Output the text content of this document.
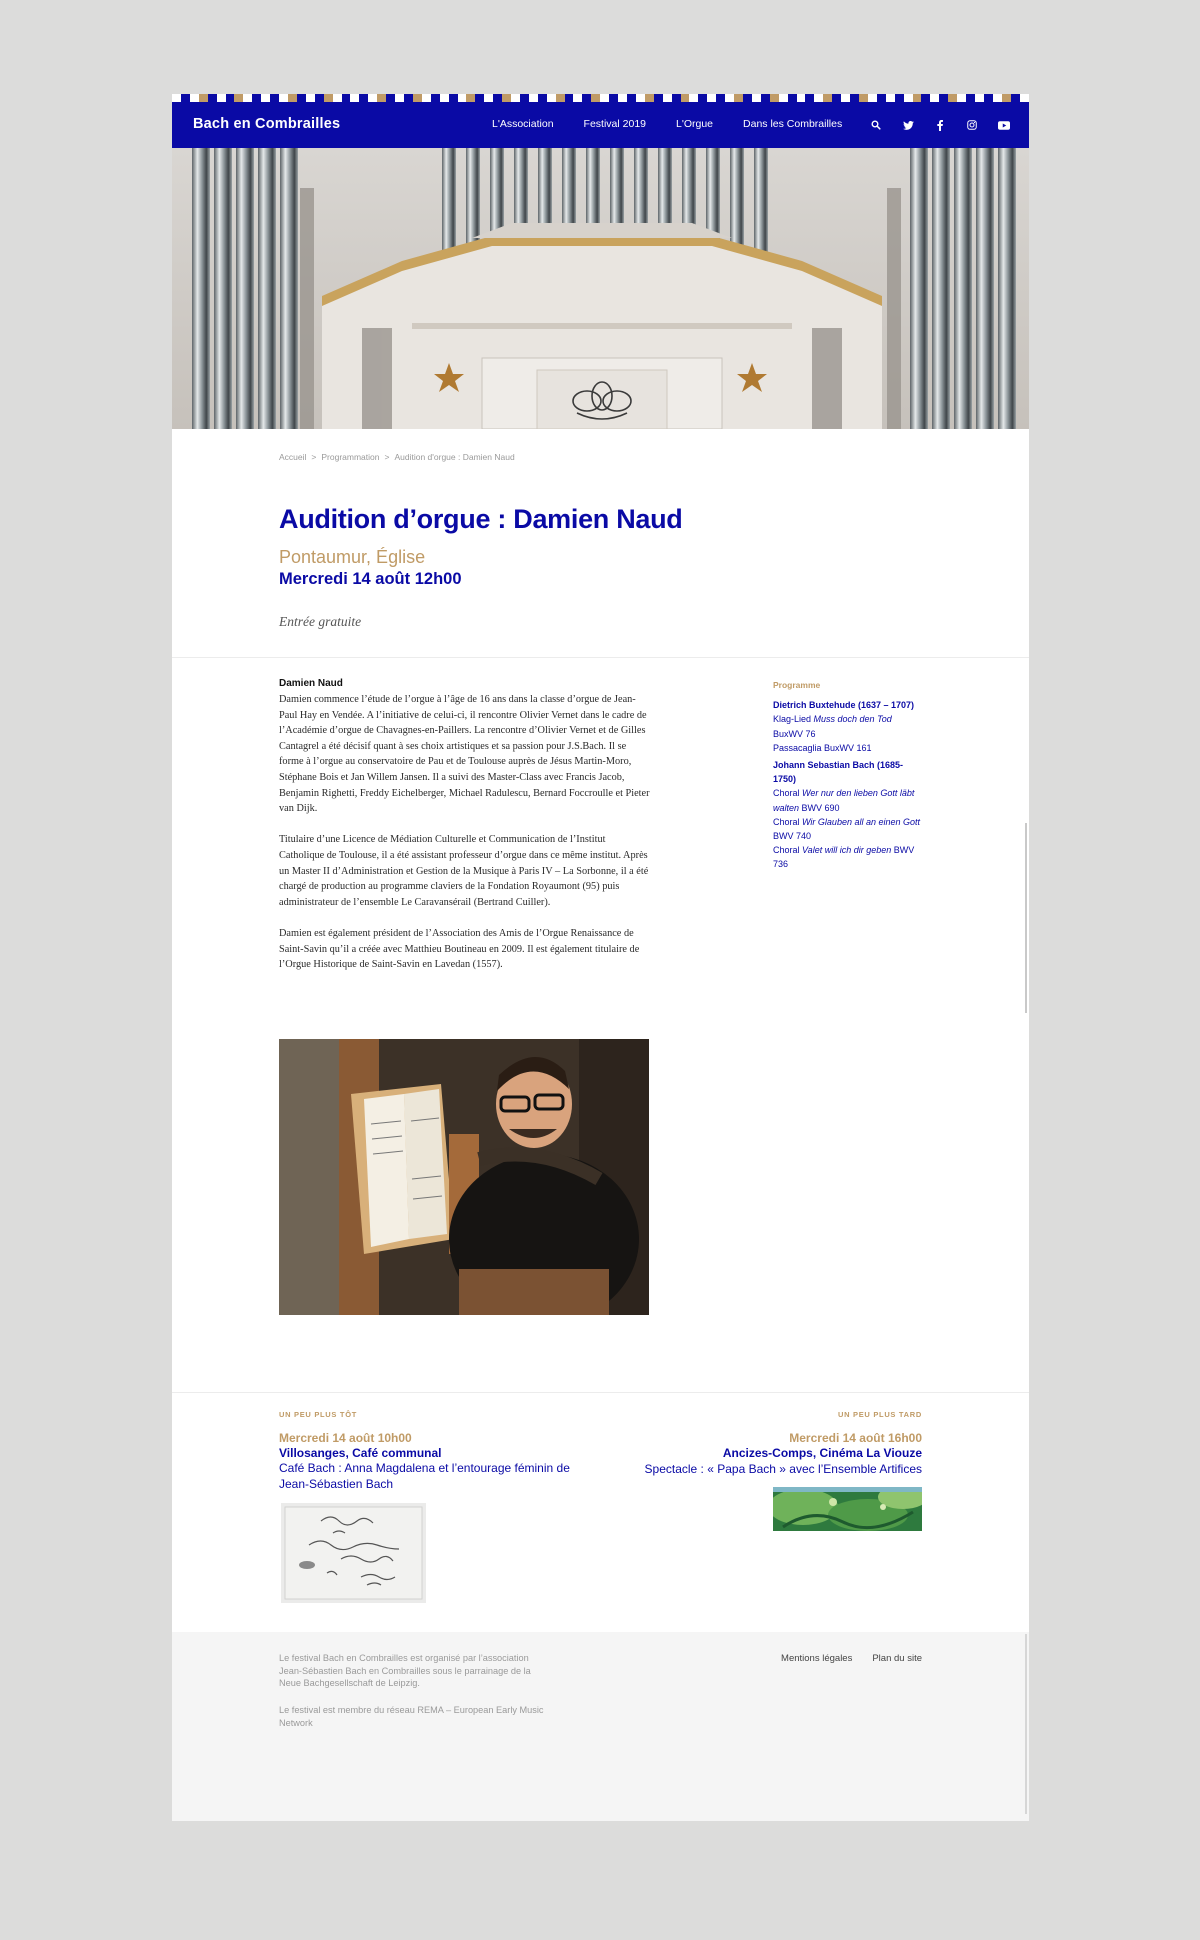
Bach en Combrailles	L'Association	Festival 2019	L'Orgue	Dans les Combrailles
Accueil > Programmation > Audition d'orgue : Damien Naud
Audition d’orgue : Damien Naud
Pontaumur, Église
Mercredi 14 août 12h00
Entrée gratuite
Damien Naud

Damien commence l’étude de l’orgue à l’âge de 16 ans dans la classe d’orgue de Jean-Paul Hay en Vendée. A l’initiative de celui-ci, il rencontre Olivier Vernet dans le cadre de l’Académie d’orgue de Chavagnes-en-Paillers. La rencontre d’Olivier Vernet et de Gilles Cantagrel a été décisif quant à ses choix artistiques et sa passion pour J.S.Bach. Il se forme à l’orgue au conservatoire de Pau et de Toulouse auprès de Jésus Martin-Moro, Stéphane Bois et Jan Willem Jansen. Il a suivi des Master-Class avec Francis Jacob, Benjamin Righetti, Freddy Eichelberger, Michael Radulescu, Bernard Foccroulle et Pieter van Dijk.

Titulaire d’une Licence de Médiation Culturelle et Communication de l’Institut Catholique de Toulouse, il a été assistant professeur d’orgue dans ce même institut. Après un Master II d’Administration et Gestion de la Musique à Paris IV – La Sorbonne, il a été chargé de production au programme claviers de la Fondation Royaumont (95) puis administrateur de l’ensemble Le Caravansérail (Bertrand Cuiller).

Damien est également président de l’Association des Amis de l’Orgue Renaissance de Saint-Savin qu’il a créée avec Matthieu Boutineau en 2009. Il est également titulaire de l’Orgue Historique de Saint-Savin en Lavedan (1557).

Programme
Dietrich Buxtehude (1637 – 1707)
Klag-Lied Muss doch den Tod BuxWV 76
Passacaglia BuxWV 161
Johann Sebastian Bach (1685-1750)
Choral Wer nur den lieben Gott läbt walten BWV 690
Choral Wir Glauben all an einen Gott BWV 740
Choral Valet will ich dir geben BWV 736
UN PEU PLUS TÔT
Mercredi 14 août 10h00
Villosanges, Café communal
Café Bach : Anna Magdalena et l’entourage féminin de Jean-Sébastien Bach
UN PEU PLUS TARD
Mercredi 14 août 16h00
Ancizes-Comps, Cinéma La Viouze
Spectacle : « Papa Bach » avec l’Ensemble Artifices

Le festival Bach en Combrailles est organisé par l’association Jean-Sébastien Bach en Combrailles sous le parrainage de la Neue Bachgesellschaft de Leipzig.

Le festival est membre du réseau REMA – European Early Music Network

Mentions légales Plan du site
